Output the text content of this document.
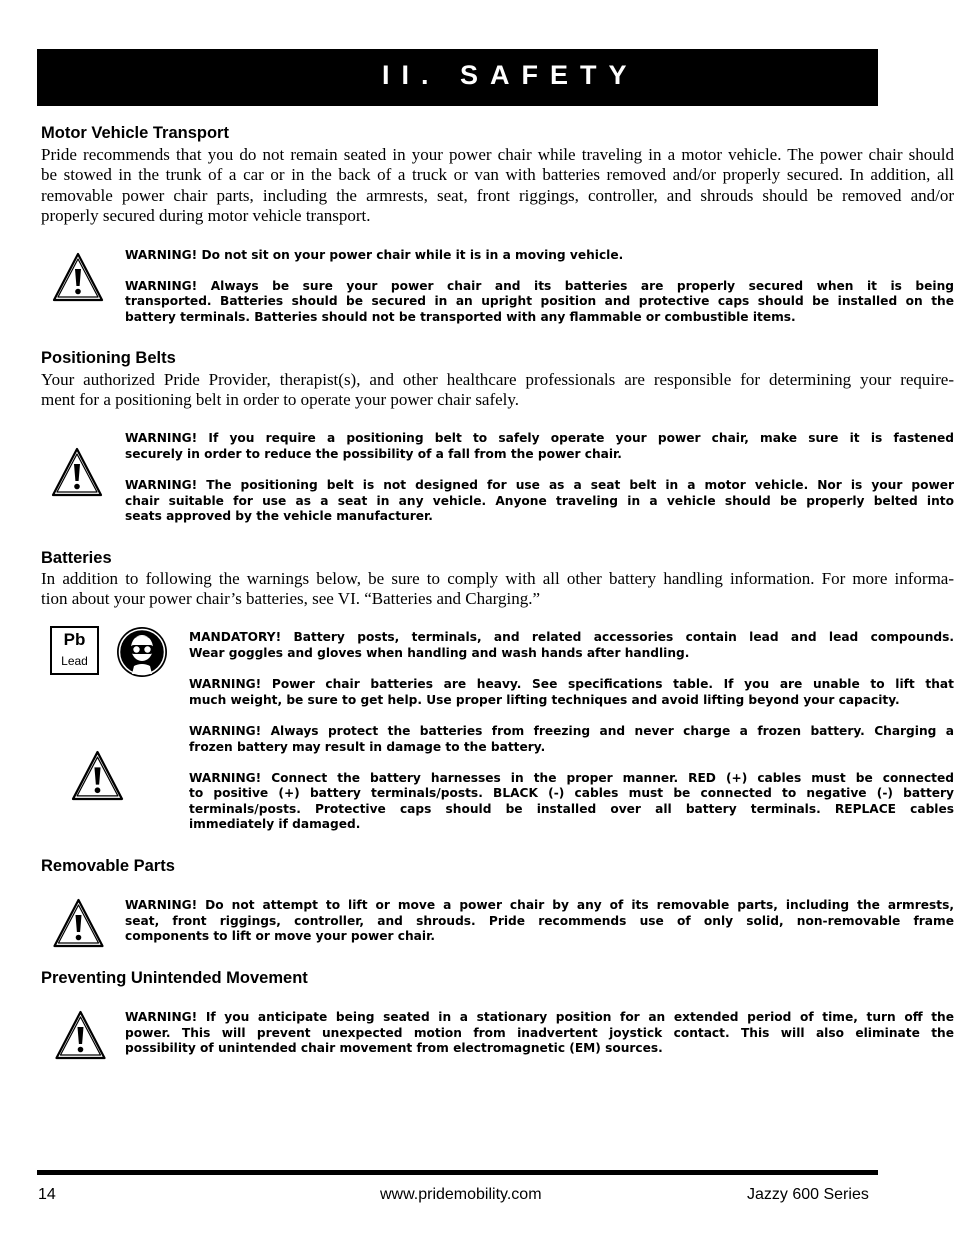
II. SAFETY
Motor Vehicle Transport
Pride recommends that you do not remain seated in your power chair while traveling in a motor vehicle. The power chair should
be stowed in the trunk of a car or in the back of a truck or van with batteries removed and/or properly secured. In addition, all
removable power chair parts, including the armrests, seat, front riggings, controller, and shrouds should be removed and/or
properly secured during motor vehicle transport.
WARNING! Do not sit on your power chair while it is in a moving vehicle.
WARNING! Always be sure your power chair and its batteries are properly secured when it is being
transported. Batteries should be secured in an upright position and protective caps should be installed on the
battery terminals. Batteries should not be transported with any flammable or combustible items.
Positioning Belts
Your authorized Pride Provider, therapist(s), and other healthcare professionals are responsible for determining your require-
ment for a positioning belt in order to operate your power chair safely.
WARNING! If you require a positioning belt to safely operate your power chair, make sure it is fastened
securely in order to reduce the possibility of a fall from the power chair.
WARNING! The positioning belt is not designed for use as a seat belt in a motor vehicle. Nor is your power
chair suitable for use as a seat in any vehicle. Anyone traveling in a vehicle should be properly belted into
seats approved by the vehicle manufacturer.
Batteries
In addition to following the warnings below, be sure to comply with all other battery handling information. For more informa-
tion about your power chair’s batteries, see VI. “Batteries and Charging.”
Pb
Lead
MANDATORY! Battery posts, terminals, and related accessories contain lead and lead compounds.
Wear goggles and gloves when handling and wash hands after handling.
WARNING! Power chair batteries are heavy. See specifications table. If you are unable to lift that
much weight, be sure to get help. Use proper lifting techniques and avoid lifting beyond your capacity.
WARNING! Always protect the batteries from freezing and never charge a frozen battery. Charging a
frozen battery may result in damage to the battery.
WARNING! Connect the battery harnesses in the proper manner. RED (+) cables must be connected
to positive (+) battery terminals/posts. BLACK (-) cables must be connected to negative (-) battery
terminals/posts. Protective caps should be installed over all battery terminals. REPLACE cables
immediately if damaged.
Removable Parts
WARNING! Do not attempt to lift or move a power chair by any of its removable parts, including the armrests,
seat, front riggings, controller, and shrouds. Pride recommends use of only solid, non-removable frame
components to lift or move your power chair.
Preventing Unintended Movement
WARNING! If you anticipate being seated in a stationary position for an extended period of time, turn off the
power. This will prevent unexpected motion from inadvertent joystick contact. This will also eliminate the
possibility of unintended chair movement from electromagnetic (EM) sources.
14	www.pridemobility.com	Jazzy 600 Series
